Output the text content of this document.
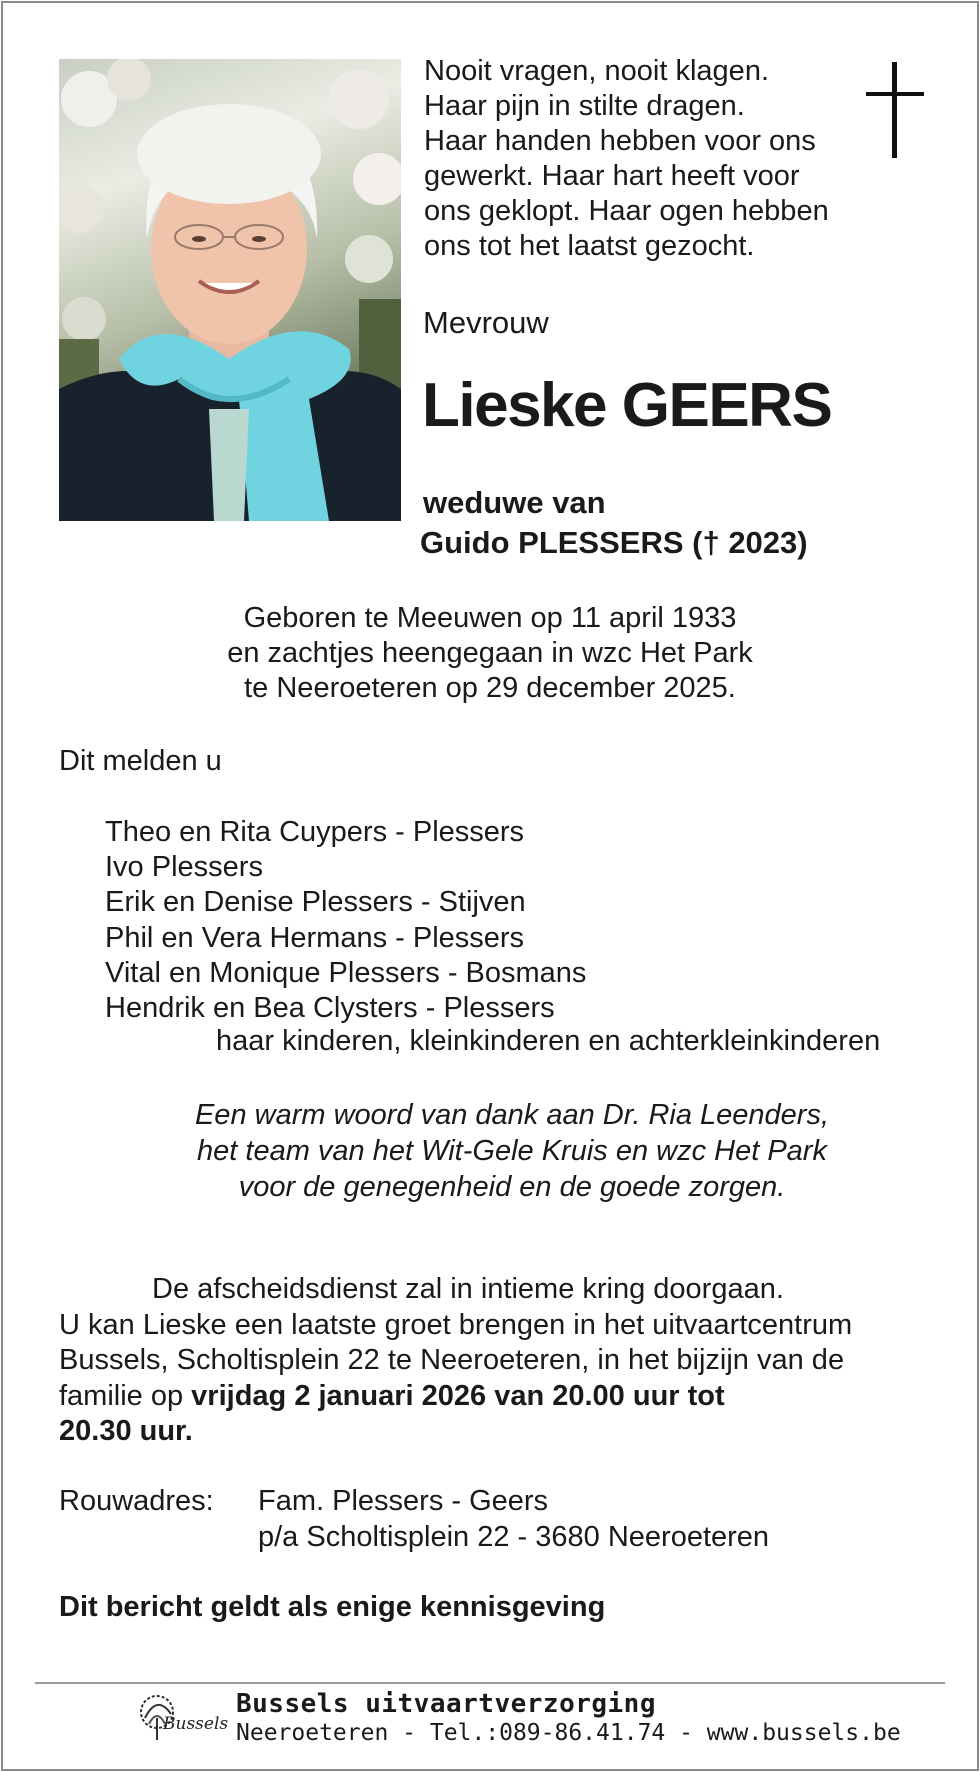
Nooit vragen, nooit klagen.
Haar pijn in stilte dragen.
Haar handen hebben voor ons
gewerkt. Haar hart heeft voor
ons geklopt. Haar ogen hebben
ons tot het laatst gezocht.
Mevrouw
Lieske GEERS
weduwe van
Guido PLESSERS († 2023)
Geboren te Meeuwen op 11 april 1933
en zachtjes heengegaan in wzc Het Park
te Neeroeteren op 29 december 2025.
Dit melden u
Theo en Rita Cuypers - Plessers
Ivo Plessers
Erik en Denise Plessers - Stijven
Phil en Vera Hermans - Plessers
Vital en Monique Plessers - Bosmans
Hendrik en Bea Clysters - Plessers
haar kinderen, kleinkinderen en achterkleinkinderen
Een warm woord van dank aan Dr. Ria Leenders,
het team van het Wit-Gele Kruis en wzc Het Park
voor de genegenheid en de goede zorgen.
De afscheidsdienst zal in intieme kring doorgaan.
U kan Lieske een laatste groet brengen in het uitvaartcentrum
Bussels, Scholtisplein 22 te Neeroeteren, in het bijzijn van de
familie op vrijdag 2 januari 2026 van 20.00 uur tot
20.30 uur.
Rouwadres: Fam. Plessers - Geers
p/a Scholtisplein 22 - 3680 Neeroeteren
Dit bericht geldt als enige kennisgeving
Bussels
Bussels uitvaartverzorging
Neeroeteren - Tel.:089-86.41.74 - www.bussels.be
